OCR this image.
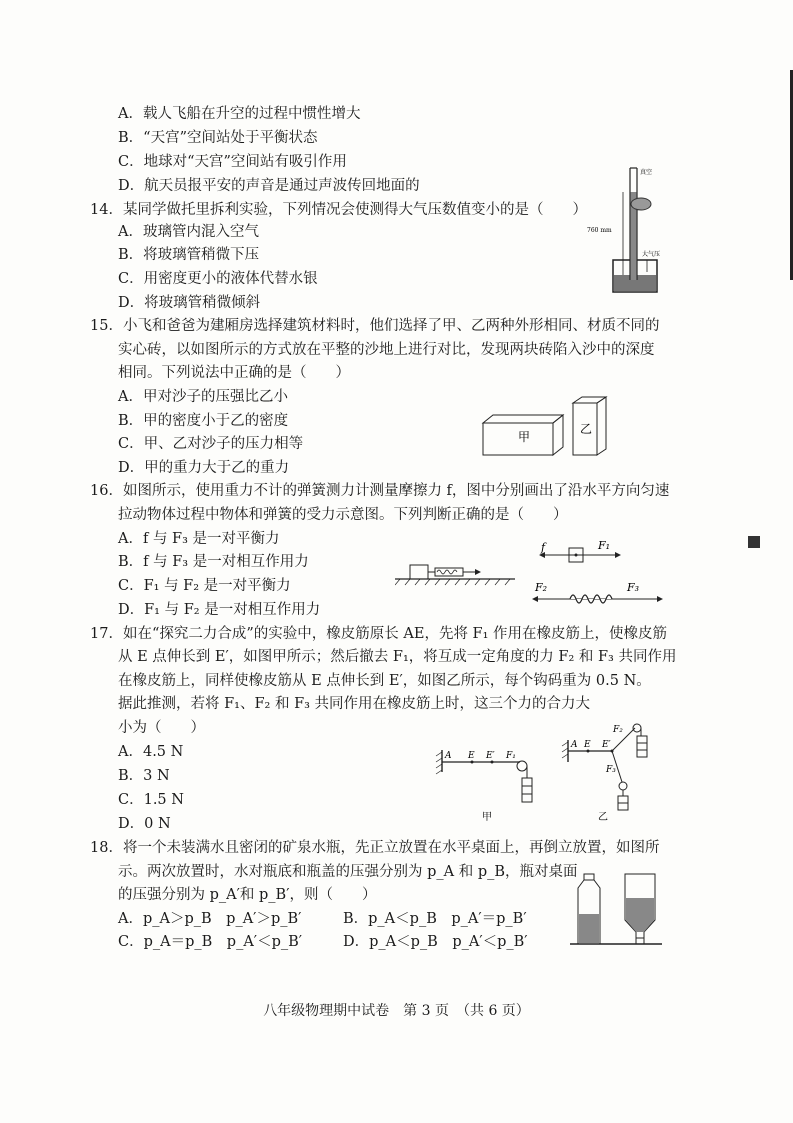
A．载人飞船在升空的过程中惯性增大
B．“天宫”空间站处于平衡状态
C．地球对“天宫”空间站有吸引作用
D．航天员报平安的声音是通过声波传回地面的
14．某同学做托里拆利实验，下列情况会使测得大气压数值变小的是（　　）
A．玻璃管内混入空气
B．将玻璃管稍微下压
C．用密度更小的液体代替水银
D．将玻璃管稍微倾斜
真空
760 mm
大气压
15．小飞和爸爸为建厢房选择建筑材料时，他们选择了甲、乙两种外形相同、材质不同的
实心砖，以如图所示的方式放在平整的沙地上进行对比，发现两块砖陷入沙中的深度
相同。下列说法中正确的是（　　）
A．甲对沙子的压强比乙小
B．甲的密度小于乙的密度
C．甲、乙对沙子的压力相等
D．甲的重力大于乙的重力
甲
乙
16．如图所示，使用重力不计的弹簧测力计测量摩擦力 f，图中分别画出了沿水平方向匀速
拉动物体过程中物体和弹簧的受力示意图。下列判断正确的是（　　）
A．f 与 F₃ 是一对平衡力
B．f 与 F₃ 是一对相互作用力
C．F₁ 与 F₂ 是一对平衡力
D．F₁ 与 F₂ 是一对相互作用力
f	F₁
F₂	F₃
17．如在“探究二力合成”的实验中，橡皮筋原长 AE，先将 F₁ 作用在橡皮筋上，使橡皮筋
从 E 点伸长到 E′，如图甲所示；然后撤去 F₁，将互成一定角度的力 F₂ 和 F₃ 共同作用
在橡皮筋上，同样使橡皮筋从 E 点伸长到 E′，如图乙所示，每个钩码重为 0.5 N。
据此推测，若将 F₁、F₂ 和 F₃ 共同作用在橡皮筋上时，这三个力的合力大
小为（　　）
A．4.5 N
B．3 N
C．1.5 N
D．0 N
A E E′ F₁
甲
A E E′
F₂
F₃
乙
18．将一个未装满水且密闭的矿泉水瓶，先正立放置在水平桌面上，再倒立放置，如图所
示。两次放置时，水对瓶底和瓶盖的压强分别为 p_A 和 p_B，瓶对桌面
的压强分别为 p_A′和 p_B′，则（　　）
A．p_A＞p_B　p_A′＞p_B′	B．p_A＜p_B　p_A′＝p_B′
C．p_A＝p_B　p_A′＜p_B′	D．p_A＜p_B　p_A′＜p_B′
八年级物理期中试卷　第 3 页　（共 6 页）
